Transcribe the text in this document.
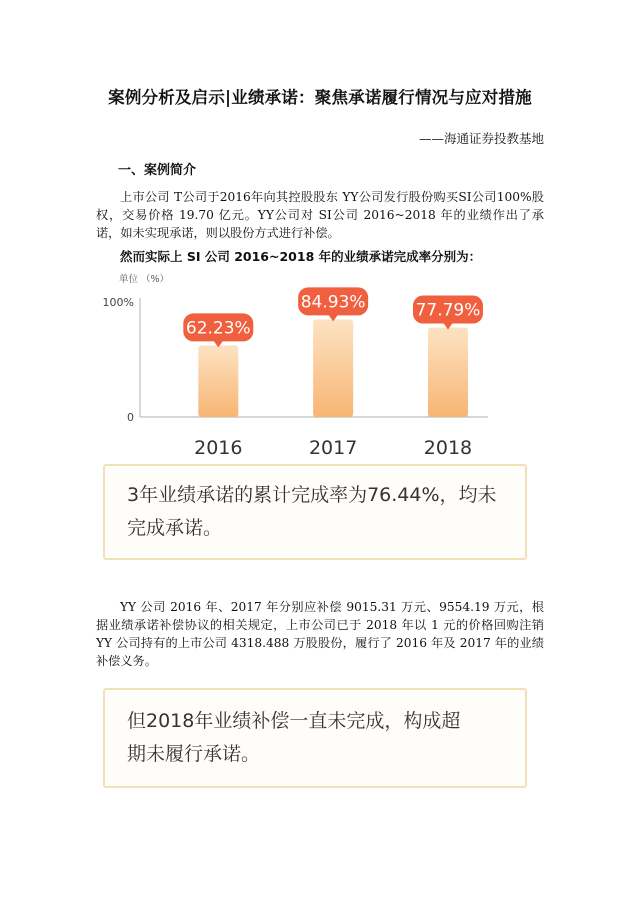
案例分析及启示|业绩承诺：聚焦承诺履行情况与应对措施
——海通证券投教基地
一、案例简介
上市公司 T公司于2016年向其控股股东 YY公司发行股份购买SI公司100%股权，交易价格 19.70 亿元。YY公司对 SI公司 2016~2018 年的业绩作出了承诺，如未实现承诺，则以股份方式进行补偿。
然而实际上 SI 公司 2016~2018 年的业绩承诺完成率分别为：
单位 （%）
100%
0
62.23%
2016
84.93%
2017
77.79%
2018
3年业绩承诺的累计完成率为76.44%，均未完成承诺。
YY 公司 2016 年、2017 年分别应补偿 9015.31 万元、9554.19 万元，根据业绩承诺补偿协议的相关规定，上市公司已于 2018 年以 1 元的价格回购注销 YY 公司持有的上市公司 4318.488 万股股份，履行了 2016 年及 2017 年的业绩补偿义务。
但2018年业绩补偿一直未完成，构成超
期未履行承诺。
